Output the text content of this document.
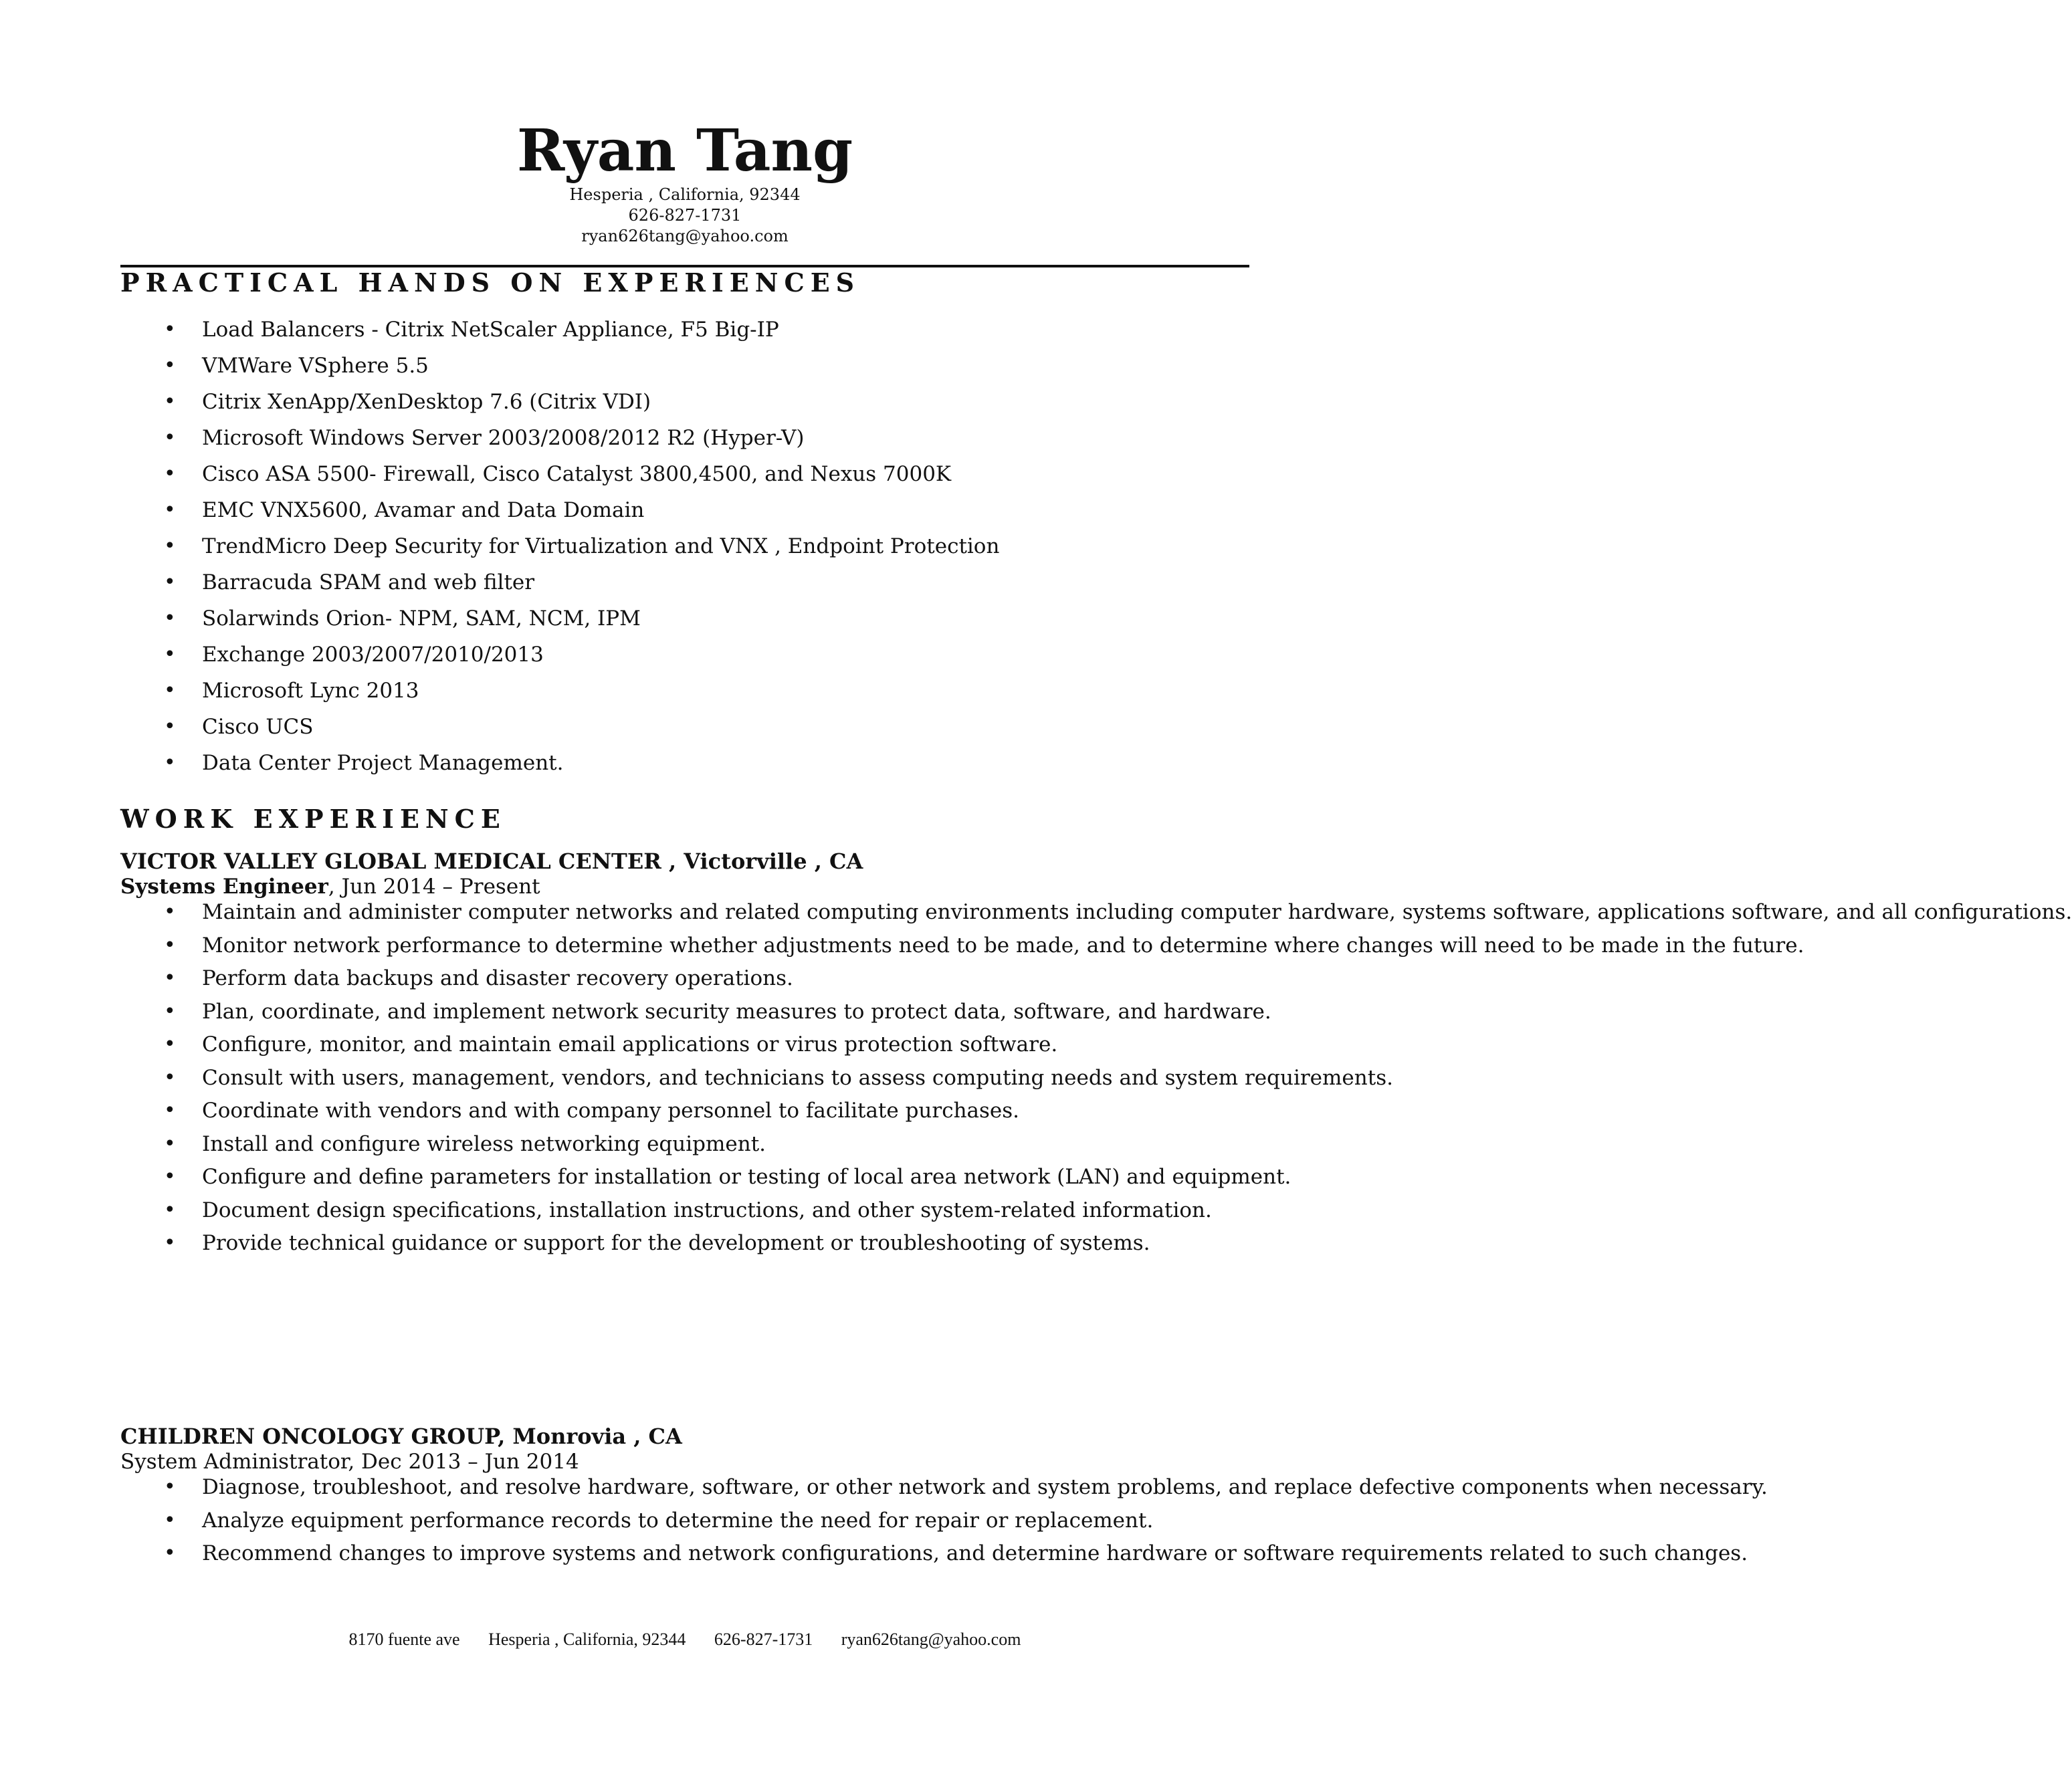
Ryan Tang
Hesperia , California, 92344
626-827-1731
ryan626tang@yahoo.com
PRACTICAL HANDS ON EXPERIENCES
• Load Balancers - Citrix NetScaler Appliance, F5 Big-IP
• VMWare VSphere 5.5
• Citrix XenApp/XenDesktop 7.6 (Citrix VDI)
• Microsoft Windows Server 2003/2008/2012 R2 (Hyper-V)
• Cisco ASA 5500- Firewall, Cisco Catalyst 3800,4500, and Nexus 7000K
• EMC VNX5600, Avamar and Data Domain
• TrendMicro Deep Security for Virtualization and VNX , Endpoint Protection
• Barracuda SPAM and web filter
• Solarwinds Orion- NPM, SAM, NCM, IPM
• Exchange 2003/2007/2010/2013
• Microsoft Lync 2013
• Cisco UCS
• Data Center Project Management.
WORK EXPERIENCE
VICTOR VALLEY GLOBAL MEDICAL CENTER , Victorville , CA
Systems Engineer, Jun 2014 – Present
• Maintain and administer computer networks and related computing environments including computer hardware, systems software, applications software, and all configurations.
• Monitor network performance to determine whether adjustments need to be made, and to determine where changes will need to be made in the future.
• Perform data backups and disaster recovery operations.
• Plan, coordinate, and implement network security measures to protect data, software, and hardware.
• Configure, monitor, and maintain email applications or virus protection software.
• Consult with users, management, vendors, and technicians to assess computing needs and system requirements.
• Coordinate with vendors and with company personnel to facilitate purchases.
• Install and configure wireless networking equipment.
• Configure and define parameters for installation or testing of local area network (LAN) and equipment.
• Document design specifications, installation instructions, and other system-related information.
• Provide technical guidance or support for the development or troubleshooting of systems.
CHILDREN ONCOLOGY GROUP, Monrovia , CA
System Administrator, Dec 2013 – Jun 2014
• Diagnose, troubleshoot, and resolve hardware, software, or other network and system problems, and replace defective components when necessary.
• Analyze equipment performance records to determine the need for repair or replacement.
• Recommend changes to improve systems and network configurations, and determine hardware or software requirements related to such changes.
8170 fuente ave Hesperia , California, 92344 626-827-1731 ryan626tang@yahoo.com
